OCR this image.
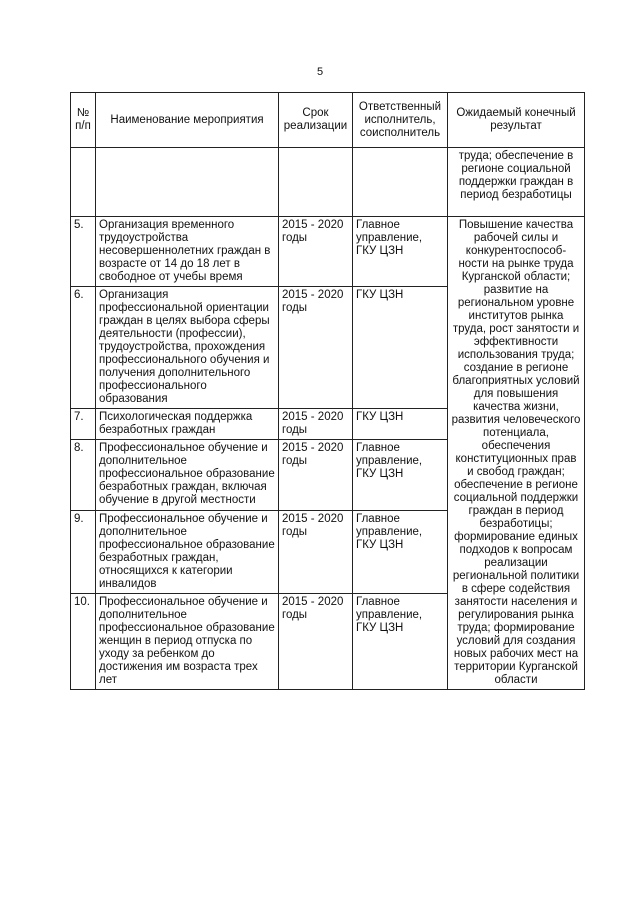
5
№ п/п	Наименование мероприятия	Срок реализации	Ответственный исполнитель, соисполнитель	Ожидаемый конечный результат
				труда; обеспечение в регионе социальной поддержки граждан в период безработицы
5.	Организация временного трудоустройства несовершеннолетних граждан в возрасте от 14 до 18 лет в свободное от учебы время	2015 - 2020 годы	Главное управление, ГКУ ЦЗН	Повышение качества рабочей силы и конкурентоспособ-ности на рынке труда Курганской области; развитие на региональном уровне институтов рынка труда, рост занятости и эффективности использования труда; создание в регионе благоприятных условий для повышения качества жизни, развития человеческого потенциала, обеспечения конституционных прав и свобод граждан; обеспечение в регионе социальной поддержки граждан в период безработицы; формирование единых подходов к вопросам реализации региональной политики в сфере содействия занятости населения и регулирования рынка труда; формирование условий для создания новых рабочих мест на территории Курганской области
6.	Организация профессиональной ориентации граждан в целях выбора сферы деятельности (профессии), трудоустройства, прохождения профессионального обучения и получения дополнительного профессионального образования	2015 - 2020 годы	ГКУ ЦЗН	
7.	Психологическая поддержка безработных граждан	2015 - 2020 годы	ГКУ ЦЗН	
8.	Профессиональное обучение и дополнительное профессиональное образование безработных граждан, включая обучение в другой местности	2015 - 2020 годы	Главное управление, ГКУ ЦЗН	
9.	Профессиональное обучение и дополнительное профессиональное образование безработных граждан, относящихся к категории инвалидов	2015 - 2020 годы	Главное управление, ГКУ ЦЗН	
10.	Профессиональное обучение и дополнительное профессиональное образование женщин в период отпуска по уходу за ребенком до достижения им возраста трех лет	2015 - 2020 годы	Главное управление, ГКУ ЦЗН	
